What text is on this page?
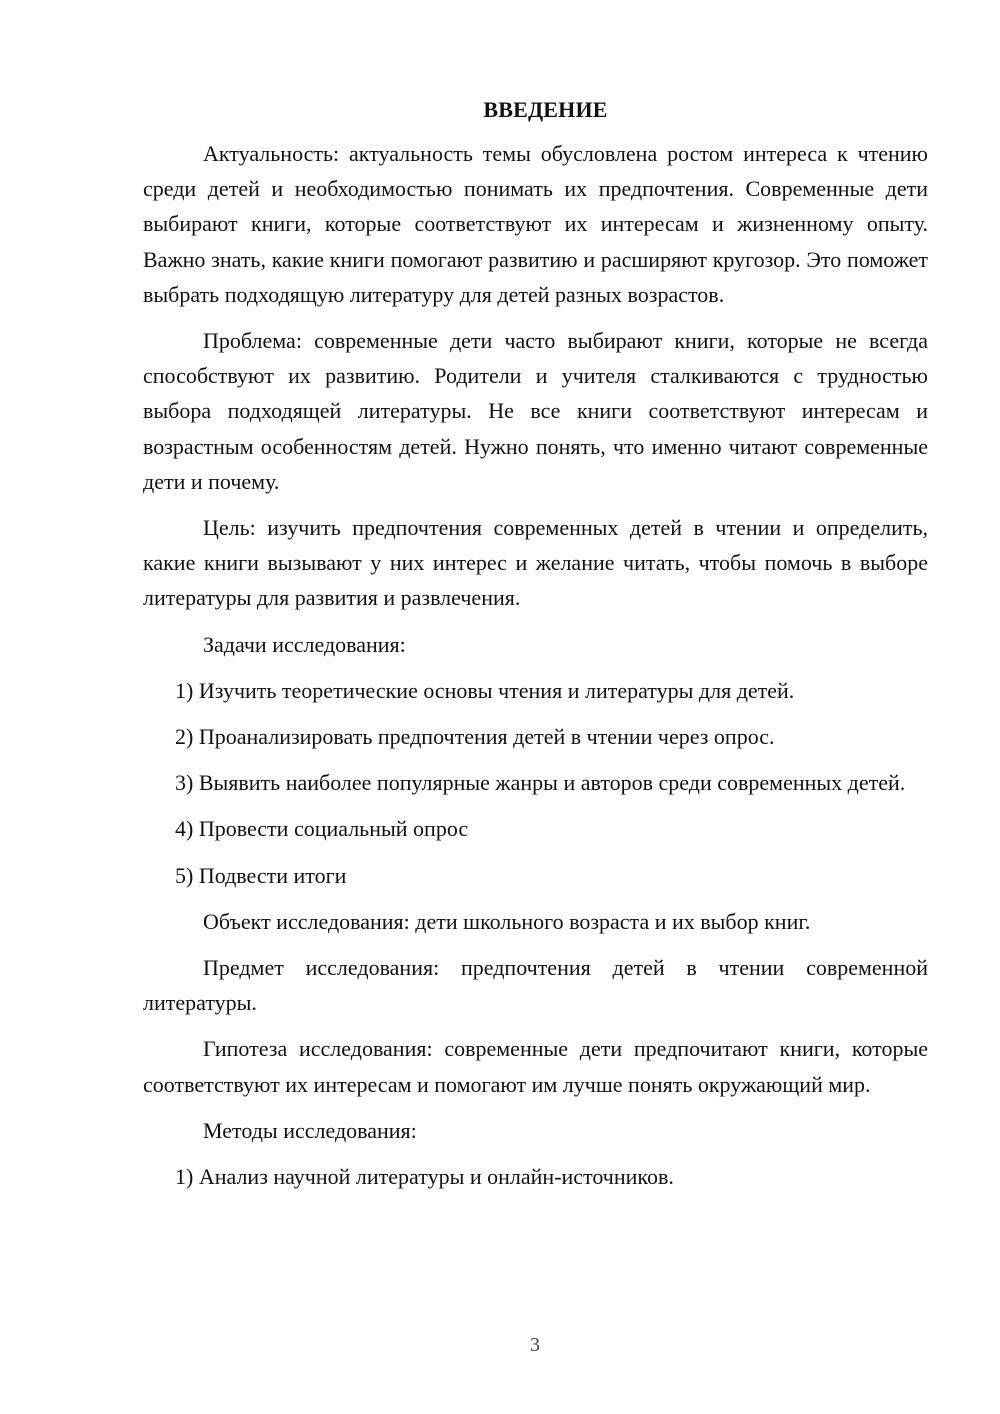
ВВЕДЕНИЕ

Актуальность: актуальность темы обусловлена ростом интереса к чтению среди детей и необходимостью понимать их предпочтения. Современные дети выбирают книги, которые соответствуют их интересам и жизненному опыту. Важно знать, какие книги помогают развитию и расширяют кругозор. Это поможет выбрать подходящую литературу для детей разных возрастов.

Проблема: современные дети часто выбирают книги, которые не всегда способствуют их развитию. Родители и учителя сталкиваются с трудностью выбора подходящей литературы. Не все книги соответствуют интересам и возрастным особенностям детей. Нужно понять, что именно читают современные дети и почему.

Цель: изучить предпочтения современных детей в чтении и определить, какие книги вызывают у них интерес и желание читать, чтобы помочь в выборе литературы для развития и развлечения.

Задачи исследования:

1) Изучить теоретические основы чтения и литературы для детей.

2) Проанализировать предпочтения детей в чтении через опрос.

3) Выявить наиболее популярные жанры и авторов среди современных детей.

4) Провести социальный опрос

5) Подвести итоги

Объект исследования: дети школьного возраста и их выбор книг.

Предмет исследования: предпочтения детей в чтении современной литературы.

Гипотеза исследования: современные дети предпочитают книги, которые соответствуют их интересам и помогают им лучше понять окружающий мир.

Методы исследования:

1) Анализ научной литературы и онлайн-источников.

3
